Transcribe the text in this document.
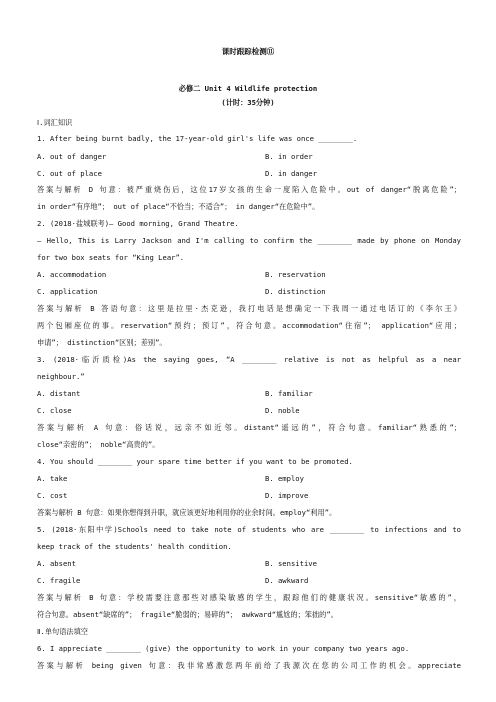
课时跟踪检测⑪
必修二 Unit 4 Wildlife protection
(计时：35分钟)
Ⅰ.词汇知识
1. After being burnt badly, the 17-year-old girl's life was once ________.
A. out of danger	B. in order
C. out of place	D. in danger
答案与解析 D 句意：被严重烧伤后，这位17岁女孩的生命一度陷入危险中。out of danger“脱离危险”；
in order“有序地”； out of place“不恰当；不适合”； in danger“在危险中”。
2. (2018·盐城联考)— Good morning, Grand Theatre.
— Hello, This is Larry Jackson and I'm calling to confirm the ________ made by phone on Monday
for two box seats for “King Lear”.
A. accommodation	B. reservation
C. application	D. distinction
答案与解析 B 答语句意：这里是拉里·杰克逊，我打电话是想确定一下我周一通过电话订的《李尔王》
两个包厢座位的事。reservation“预约；预订”，符合句意。accommodation“住宿”； application“应用；
申请”； distinction“区别；差别”。
3. (2018·临沂质检)As the saying goes, “A ________ relative is not as helpful as a near
neighbour.”
A. distant	B. familiar
C. close	D. noble
答案与解析 A 句意：俗话说，远亲不如近邻。distant“遥远的”，符合句意。familiar“熟悉的”；
close“亲密的”； noble“高贵的”。
4. You should ________ your spare time better if you want to be promoted.
A. take	B. employ
C. cost	D. improve
答案与解析 B 句意：如果你想得到升职，就应该更好地利用你的业余时间。employ“利用”。
5. (2018·东阳中学)Schools need to take note of students who are ________ to infections and to
keep track of the students' health condition.
A. absent	B. sensitive
C. fragile	D. awkward
答案与解析 B 句意：学校需要注意那些对感染敏感的学生，跟踪他们的健康状况。sensitive“敏感的”，
符合句意。absent“缺席的”； fragile“脆弱的；易碎的”； awkward“尴尬的；笨拙的”。
Ⅱ.单句语法填空
6. I appreciate ________ (give) the opportunity to work in your company two years ago.
答案与解析 being given 句意：我非常感激您两年前给了我源次在您的公司工作的机会。appreciate
